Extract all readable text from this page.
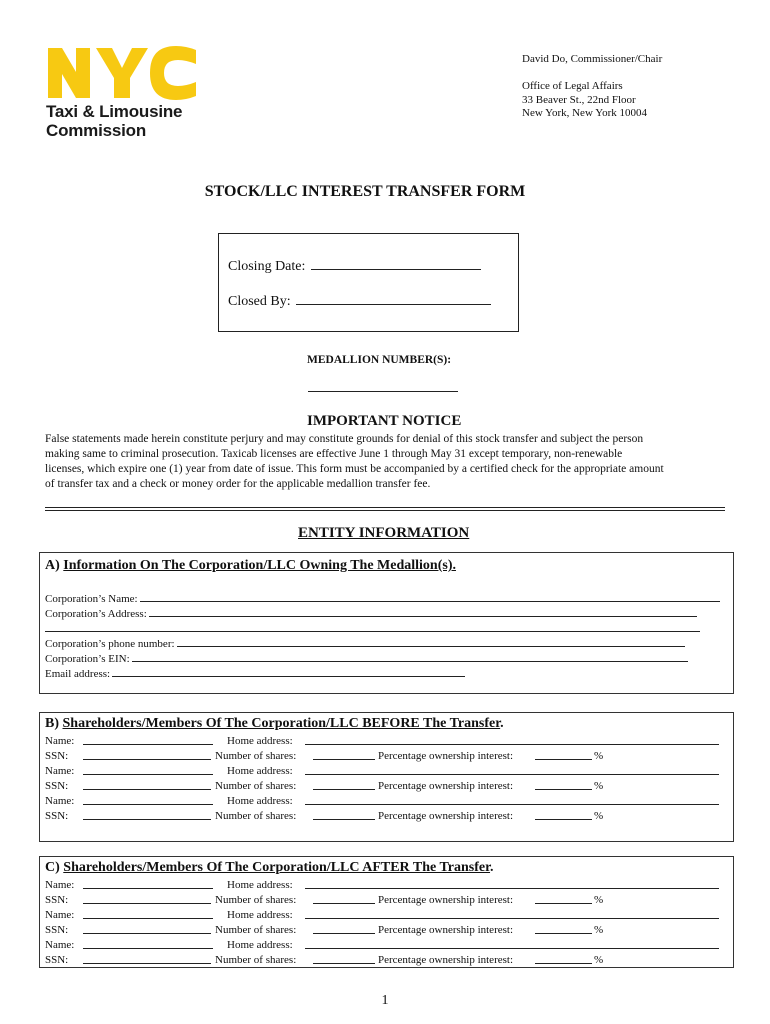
Taxi & Limousine
Commission
David Do, Commissioner/Chair
Office of Legal Affairs
33 Beaver St., 22nd Floor
New York, New York 10004
STOCK/LLC INTEREST TRANSFER FORM
Closing Date:
Closed By:
MEDALLION NUMBER(S):
IMPORTANT NOTICE
False statements made herein constitute perjury and may constitute grounds for denial of this stock transfer and subject the person
making same to criminal prosecution. Taxicab licenses are effective June 1 through May 31 except temporary, non-renewable
licenses, which expire one (1) year from date of issue. This form must be accompanied by a certified check for the appropriate amount
of transfer tax and a check or money order for the applicable medallion transfer fee.
ENTITY INFORMATION
A) Information On The Corporation/LLC Owning The Medallion(s).
Corporation’s Name:
Corporation’s Address:
Corporation’s phone number:
Corporation’s EIN:
Email address:
B) Shareholders/Members Of The Corporation/LLC BEFORE The Transfer.
Name:	Home address:
SSN:	Number of shares:	Percentage ownership interest:	%
Name:	Home address:
SSN:	Number of shares:	Percentage ownership interest:	%
Name:	Home address:
SSN:	Number of shares:	Percentage ownership interest:	%
C) Shareholders/Members Of The Corporation/LLC AFTER The Transfer.
Name:	Home address:
SSN:	Number of shares:	Percentage ownership interest:	%
Name:	Home address:
SSN:	Number of shares:	Percentage ownership interest:	%
Name:	Home address:
SSN:	Number of shares:	Percentage ownership interest:	%
1
